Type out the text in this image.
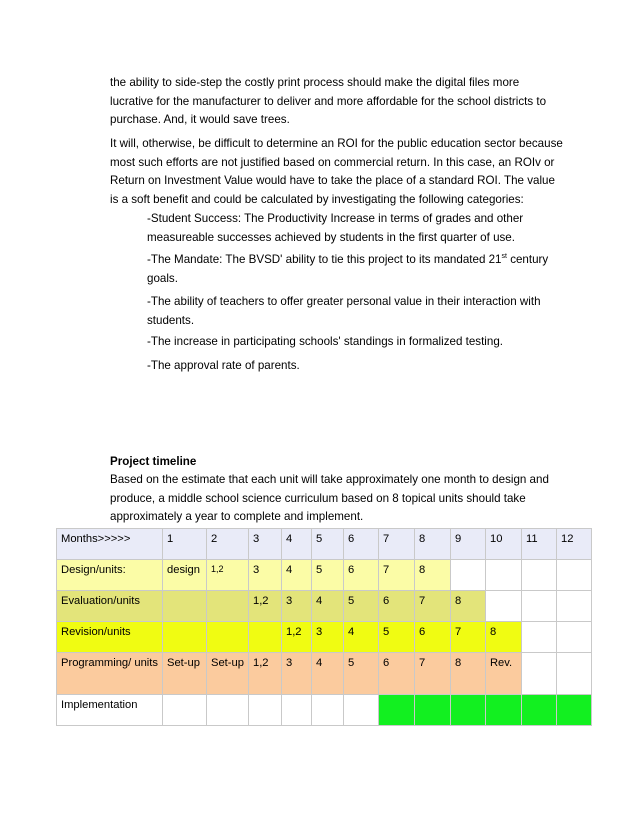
the ability to side-step the costly print process should make the digital files more lucrative for the manufacturer to deliver and more affordable for the school districts to purchase. And, it would save trees.

It will, otherwise, be difficult to determine an ROI for the public education sector because most such efforts are not justified based on commercial return. In this case, an ROIv or Return on Investment Value would have to take the place of a standard ROI. The value is a soft benefit and could be calculated by investigating the following categories:

-Student Success: The Productivity Increase in terms of grades and other measureable successes achieved by students in the first quarter of use.

-The Mandate: The BVSD' ability to tie this project to its mandated 21st century goals.

-The ability of teachers to offer greater personal value in their interaction with students.

-The increase in participating schools' standings in formalized testing.

-The approval rate of parents.

Project timeline

Based on the estimate that each unit will take approximately one month to design and produce, a middle school science curriculum based on 8 topical units should take approximately a year to complete and implement.

Months>>>>>	1	2	3	4	5	6	7	8	9	10	11	12
Design/units:	design	1,2	3	4	5	6	7	8				
Evaluation/units			1,2	3	4	5	6	7	8			
Revision/units				1,2	3	4	5	6	7	8		
Programming/ units	Set-up	Set-up	1,2	3	4	5	6	7	8	Rev.		
Implementation												
